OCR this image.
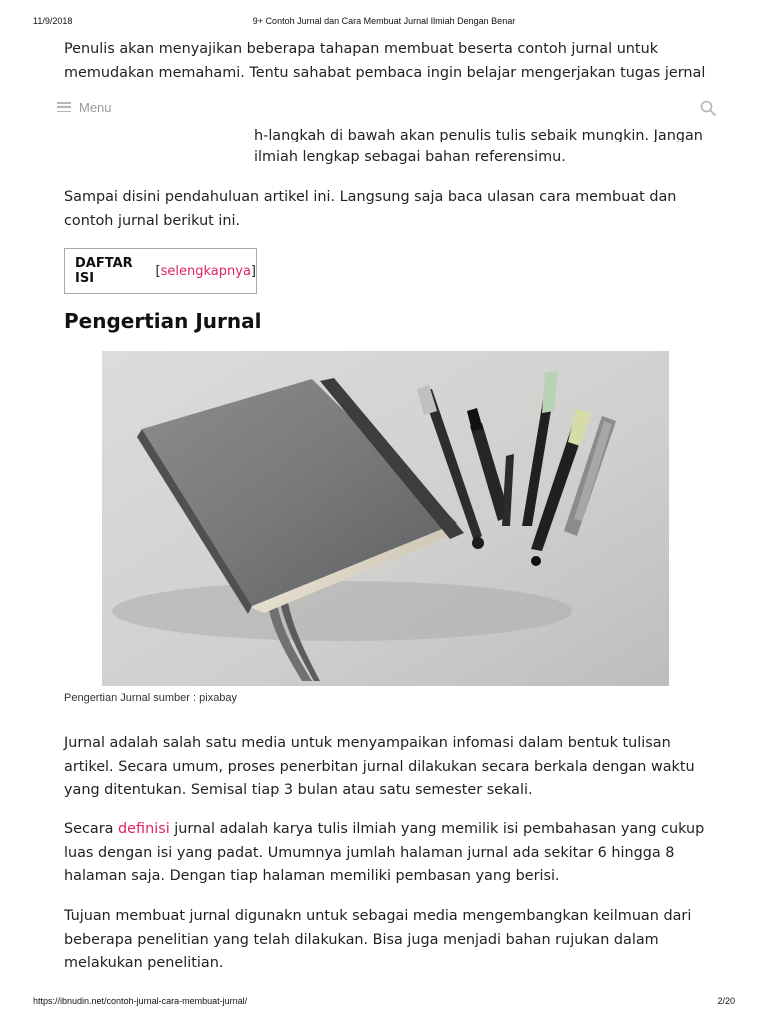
11/9/2018	9+ Contoh Jurnal dan Cara Membuat Jurnal Ilmiah Dengan Benar

Penulis akan menyajikan beberapa tahapan membuat beserta contoh jurnal untuk memudakan memahami. Tentu sahabat pembaca ingin belajar mengerjakan tugas jernal

Menu
h-langkah di bawah akan penulis tulis sebaik mungkin. Jangan
ilmiah lengkap sebagai bahan referensimu.

Sampai disini pendahuluan artikel ini. Langsung saja baca ulasan cara membuat dan contoh jurnal berikut ini.

DAFTAR ISI	[selengkapnya]
Pengertian Jurnal
Pengertian Jurnal sumber : pixabay

Jurnal adalah salah satu media untuk menyampaikan infomasi dalam bentuk tulisan artikel. Secara umum, proses penerbitan jurnal dilakukan secara berkala dengan waktu yang ditentukan. Semisal tiap 3 bulan atau satu semester sekali.

Secara definisi jurnal adalah karya tulis ilmiah yang memilik isi pembahasan yang cukup luas dengan isi yang padat. Umumnya jumlah halaman jurnal ada sekitar 6 hingga 8 halaman saja. Dengan tiap halaman memiliki pembasan yang berisi.

Tujuan membuat jurnal digunakn untuk sebagai media mengembangkan keilmuan dari beberapa penelitian yang telah dilakukan. Bisa juga menjadi bahan rujukan dalam melakukan penelitian.

https://ibnudin.net/contoh-jurnal-cara-membuat-jurnal/	2/20
